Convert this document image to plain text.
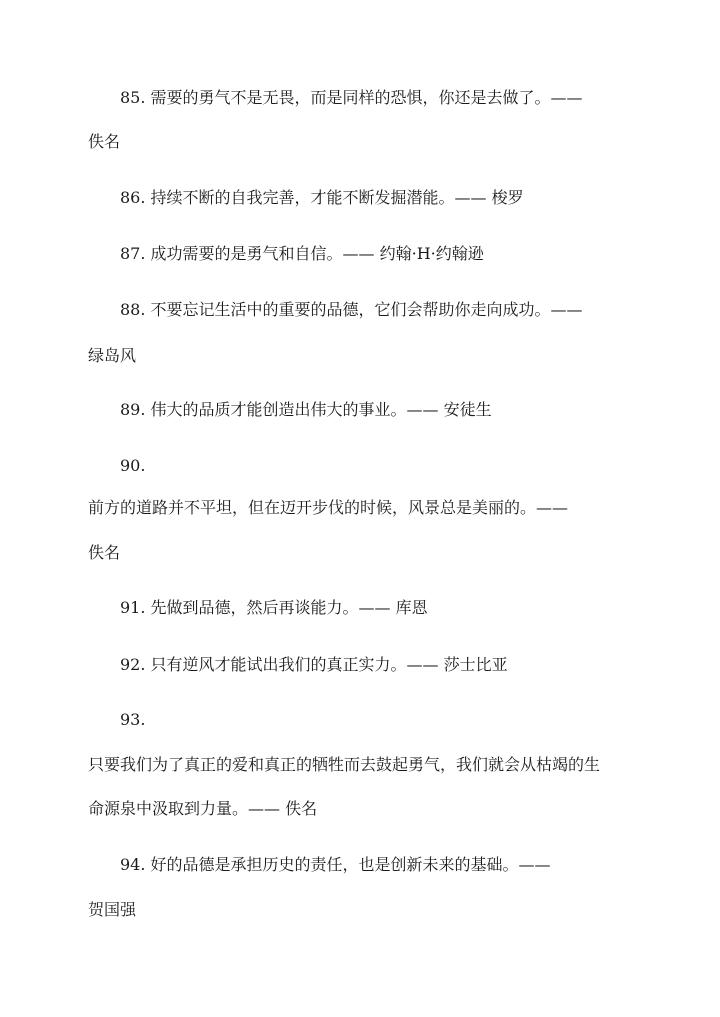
85. 需要的勇气不是无畏，而是同样的恐惧，你还是去做了。——
佚名
86. 持续不断的自我完善，才能不断发掘潜能。—— 梭罗
87. 成功需要的是勇气和自信。—— 约翰·H·约翰逊
88. 不要忘记生活中的重要的品德，它们会帮助你走向成功。——
绿岛风
89. 伟大的品质才能创造出伟大的事业。—— 安徒生
90.
前方的道路并不平坦，但在迈开步伐的时候，风景总是美丽的。——
佚名
91. 先做到品德，然后再谈能力。—— 库恩
92. 只有逆风才能试出我们的真正实力。—— 莎士比亚
93.
只要我们为了真正的爱和真正的牺牲而去鼓起勇气，我们就会从枯竭的生
命源泉中汲取到力量。—— 佚名
94. 好的品德是承担历史的责任，也是创新未来的基础。——
贺国强
